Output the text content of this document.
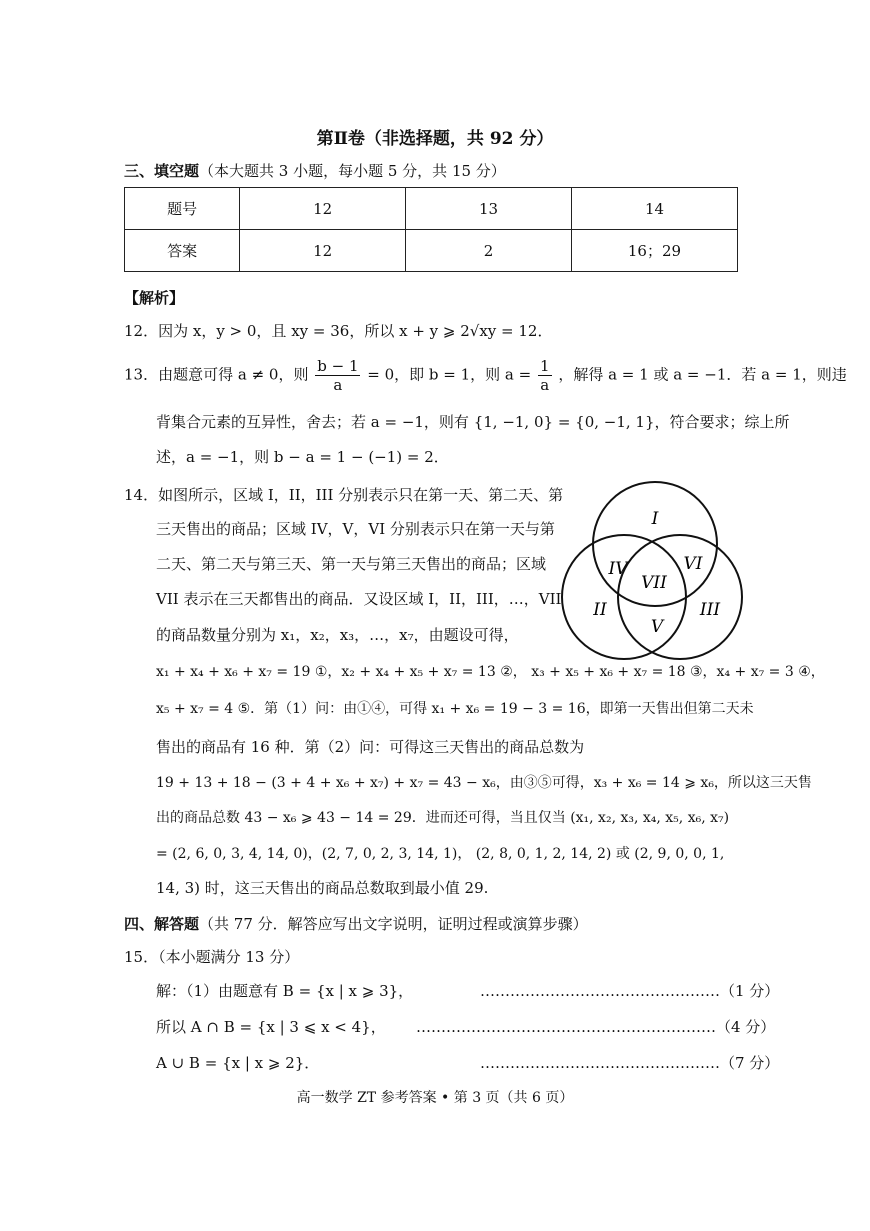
第Ⅱ卷（非选择题，共 92 分）
三、填空题（本大题共 3 小题，每小题 5 分，共 15 分）
题号	12	13	14
答案	12	2	16；29
【解析】
12．因为 x，y > 0，且 xy = 36，所以 x + y ⩾ 2√xy = 12．
13．由题意可得 a ≠ 0，则 $\frac{b - 1}{a} = 0$，即 b = 1，则 $a = \frac{1}{a}$ ，解得 a = 1 或 a = −1．若 a = 1，则违
背集合元素的互异性，舍去；若 a = −1，则有 {1, −1, 0} = {0, −1, 1}，符合要求；综上所
述，a = −1，则 b − a = 1 − (−1) = 2．
14．如图所示，区域 I，II，III 分别表示只在第一天、第二天、第
三天售出的商品；区域 IV，V，VI 分别表示只在第一天与第
二天、第二天与第三天、第一天与第三天售出的商品；区域
VII 表示在三天都售出的商品．又设区域 I，II，III，…，VII
的商品数量分别为 x₁，x₂，x₃，…，x₇，由题设可得，
x₁ + x₄ + x₆ + x₇ = 19 ①，x₂ + x₄ + x₅ + x₇ = 13 ②， x₃ + x₅ + x₆ + x₇ = 18 ③，x₄ + x₇ = 3 ④，
x₅ + x₇ = 4 ⑤．第（1）问：由①④，可得 x₁ + x₆ = 19 − 3 = 16，即第一天售出但第二天未
售出的商品有 16 种．第（2）问：可得这三天售出的商品总数为
19 + 13 + 18 − (3 + 4 + x₆ + x₇) + x₇ = 43 − x₆，由③⑤可得，x₃ + x₆ = 14 ⩾ x₆，所以这三天售
出的商品总数 43 − x₆ ⩾ 43 − 14 = 29．进而还可得，当且仅当 (x₁, x₂, x₃, x₄, x₅, x₆, x₇)
= (2, 6, 0, 3, 4, 14, 0)，(2, 7, 0, 2, 3, 14, 1)， (2, 8, 0, 1, 2, 14, 2) 或 (2, 9, 0, 0, 1,
14, 3) 时，这三天售出的商品总数取到最小值 29.
I
II	III
IV
V
VI
VII
四、解答题（共 77 分．解答应写出文字说明，证明过程或演算步骤）
15．（本小题满分 13 分）
解：（1）由题意有 B = {x | x ⩾ 3}，	…………………………………………（1 分）
所以 A ∩ B = {x | 3 ⩽ x < 4}， ……………………………………………………（4 分）
A ∪ B = {x | x ⩾ 2}．	…………………………………………（7 分）
高一数学 ZT 参考答案 • 第 3 页（共 6 页）
